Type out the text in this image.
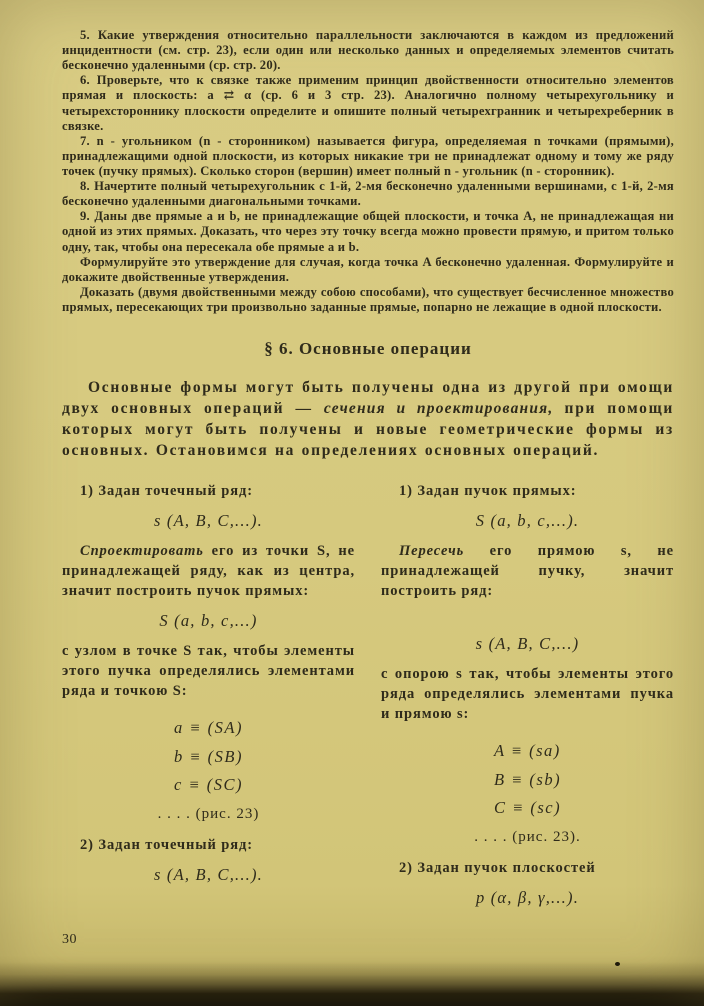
5. Какие утверждения относительно параллельности заключаются в каждом из предложений инцидентности (см. стр. 23), если один или несколько данных и определяемых элементов считать бесконечно удаленными (ср. стр. 20).

6. Проверьте, что к связке также применим принцип двойственности относительно элементов прямая и плоскость: a ⇄ α (ср. 6 и 3 стр. 23). Аналогично полному четырехугольнику и четырехстороннику плоскости определите и опишите полный четырехгранник и четырехреберник в связке.

7. n - угольником (n - сторонником) называется фигура, определяемая n точками (прямыми), принадлежащими одной плоскости, из которых никакие три не принадлежат одному и тому же ряду точек (пучку прямых). Сколько сторон (вершин) имеет полный n - угольник (n - сторонник).

8. Начертите полный четырехугольник с 1-й, 2-мя бесконечно удаленными вершинами, с 1-й, 2-мя бесконечно удаленными диагональными точками.

9. Даны две прямые a и b, не принадлежащие общей плоскости, и точка A, не принадлежащая ни одной из этих прямых. Доказать, что через эту точку всегда можно провести прямую, и притом только одну, так, чтобы она пересекала обе прямые a и b.

Формулируйте это утверждение для случая, когда точка A бесконечно удаленная. Формулируйте и докажите двойственные утверждения.

Доказать (двумя двойственными между собою способами), что существует бесчисленное множество прямых, пересекающих три произвольно заданные прямые, попарно не лежащие в одной плоскости.

§ 6. Основные операции

Основные формы могут быть получены одна из другой при омощи двух основных операций — сечения и проектирования, при помощи которых могут быть получены и новые геометрические формы из основных. Остановимся на определениях основных операций.

1) Задан точечный ряд:

s (A, B, C,...).

Спроектировать его из точки S, не принадлежащей ряду, как из центра, значит построить пучок прямых:

S (a, b, c,...)

с узлом в точке S так, чтобы элементы этого пучка определялись элементами ряда и точкою S:

a ≡ (SA)
b ≡ (SB)
c ≡ (SC)

. . . . (рис. 23)

2) Задан точечный ряд:

s (A, B, C,...).

1) Задан пучок прямых:

S (a, b, c,...).

Пересечь его прямою s, не принадлежащей пучку, значит построить ряд:

s (A, B, C,...)

с опорою s так, чтобы элементы этого ряда определялись элементами пучка и прямою s:

A ≡ (sa)
B ≡ (sb)
C ≡ (sc)

. . . . (рис. 23).

2) Задан пучок плоскостей

p (α, β, γ,...).

30
